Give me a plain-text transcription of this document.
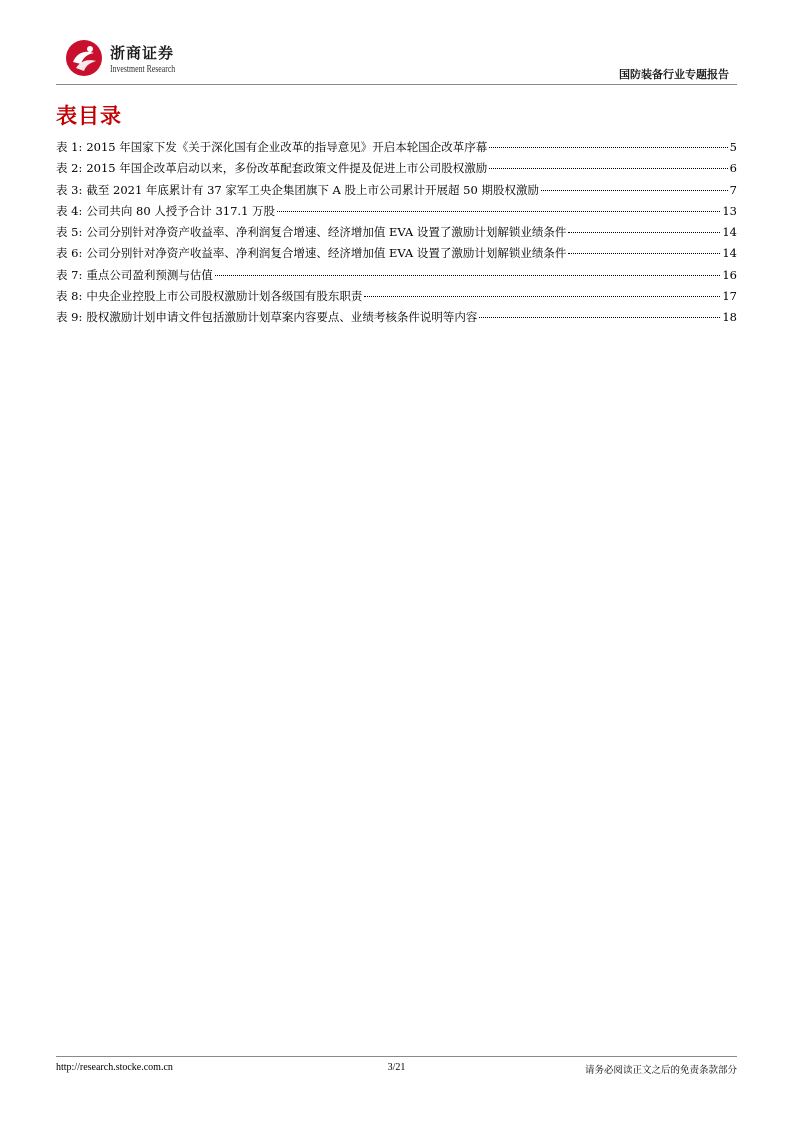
浙商证券
Investment Research	国防装备行业专题报告
表目录
表 1: 2015 年国家下发《关于深化国有企业改革的指导意见》开启本轮国企改革序幕	5
表 2: 2015 年国企改革启动以来，多份改革配套政策文件提及促进上市公司股权激励	6
表 3: 截至 2021 年底累计有 37 家军工央企集团旗下 A 股上市公司累计开展超 50 期股权激励	7
表 4: 公司共向 80 人授予合计 317.1 万股	13
表 5: 公司分别针对净资产收益率、净利润复合增速、经济增加值 EVA 设置了激励计划解锁业绩条件	14
表 6: 公司分别针对净资产收益率、净利润复合增速、经济增加值 EVA 设置了激励计划解锁业绩条件	14
表 7: 重点公司盈利预测与估值	16
表 8: 中央企业控股上市公司股权激励计划各级国有股东职责	17
表 9: 股权激励计划申请文件包括激励计划草案内容要点、业绩考核条件说明等内容	18
http://research.stocke.com.cn	3/21	请务必阅读正文之后的免责条款部分
